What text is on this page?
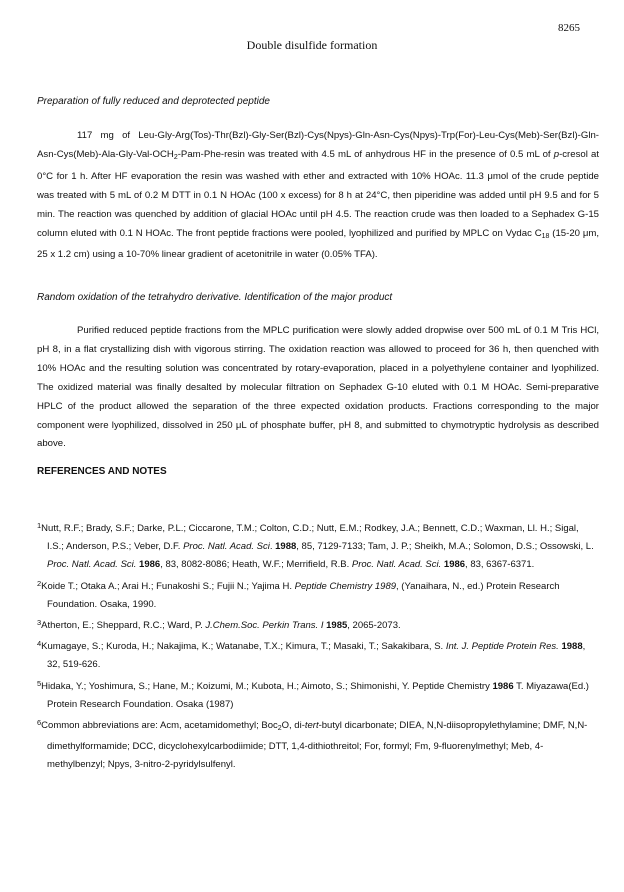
8265
Double disulfide formation
Preparation of fully reduced and deprotected peptide

117 mg of Leu-Gly-Arg(Tos)-Thr(Bzl)-Gly-Ser(Bzl)-Cys(Npys)-Gln-Asn-Cys(Npys)-Trp(For)-Leu-Cys(Meb)-Ser(Bzl)-Gln-Asn-Cys(Meb)-Ala-G$ly-Val-OCH_2-Pam-Phe$-resin was treated with 4.5 mL of anhydrous HF in the presence of 0.5 mL of p-cresol at 0°C for 1 h. After HF evaporation the resin was washed with ether and extracted with 10% HOAc. 11.3 μmol of the crude peptide was treated with 5 mL of 0.2 M DTT in 0.1 N HOAc (100 x excess) for 8 h at 24°C, then piperidine was added until pH 9.5 and for 5 min. The reaction was quenched by addition of glacial HOAc until pH 4.5. The reaction crude was then loaded to a Sephadex G-15 column eluted with 0.1 N HOAc. The front peptide fractions were pooled, lyophilized and purified by MPLC on Vydac $C_{18}$ (15-20 μm, 25 x 1.2 cm) using a 10-70% linear gradient of acetonitrile in water (0.05% TFA).

Random oxidation of the tetrahydro derivative. Identification of the major product

Purified reduced peptide fractions from the MPLC purification were slowly added dropwise over 500 mL of 0.1 M Tris HCl, pH 8, in a flat crystallizing dish with vigorous stirring. The oxidation reaction was allowed to proceed for 36 h, then quenched with 10% HOAc and the resulting solution was concentrated by rotary-evaporation, placed in a polyethylene container and lyophilized. The oxidized material was finally desalted by molecular filtration on Sephadex G-10 eluted with 0.1 M HOAc. Semi-preparative HPLC of the product allowed the separation of the three expected oxidation products. Fractions corresponding to the major component were lyophilized, dissolved in 250 μL of phosphate buffer, pH 8, and submitted to chymotryptic hydrolysis as described above.

REFERENCES AND NOTES
$^1$Nutt, R.F.; Brady, S.F.; Darke, P.L.; Ciccarone, T.M.; Colton, C.D.; Nutt, E.M.; Rodkey, J.A.; Bennett, C.D.; Waxman, Ll. H.; Sigal, I.S.; Anderson, P.S.; Veber, D.F. Proc. Natl. Acad. Sci. 1988, 85, 7129-7133; Tam, J. P.; Sheikh, M.A.; Solomon, D.S.; Ossowski, L. Proc. Natl. Acad. Sci. 1986, 83, 8082-8086; Heath, W.F.; Merrifield, R.B. Proc. Natl. Acad. Sci. 1986, 83, 6367-6371.
$^2$Koide T.; Otaka A.; Arai H.; Funakoshi S.; Fujii N.; Yajima H. Peptide Chemistry 1989, (Yanaihara, N., ed.) Protein Research Foundation. Osaka, 1990.
$^3$Atherton, E.; Sheppard, R.C.; Ward, P. J.Chem.Soc. Perkin Trans. I 1985, 2065-2073.
$^4$Kumagaye, S.; Kuroda, H.; Nakajima, K.; Watanabe, T.X.; Kimura, T.; Masaki, T.; Sakakibara, S. Int. J. Peptide Protein Res. 1988, 32, 519-626.
$^5$Hidaka, Y.; Yoshimura, S.; Hane, M.; Koizumi, M.; Kubota, H.; Aimoto, S.; Shimonishi, Y. Peptide Chemistry 1986 T. Miyazawa(Ed.) Protein Research Foundation. Osaka (1987)
$^6$Common abbreviations are: Acm, acetamidomethyl; Boc$_2$O, di-tert-butyl dicarbonate; DIEA, N,N-diisopropylethylamine; DMF, N,N-dimethylformamide; DCC, dicyclohexylcarbodiimide; DTT, 1,4-dithiothreitol; For, formyl; Fm, 9-fluorenylmethyl; Meb, 4-methylbenzyl; Npys, 3-nitro-2-pyridylsulfenyl.
